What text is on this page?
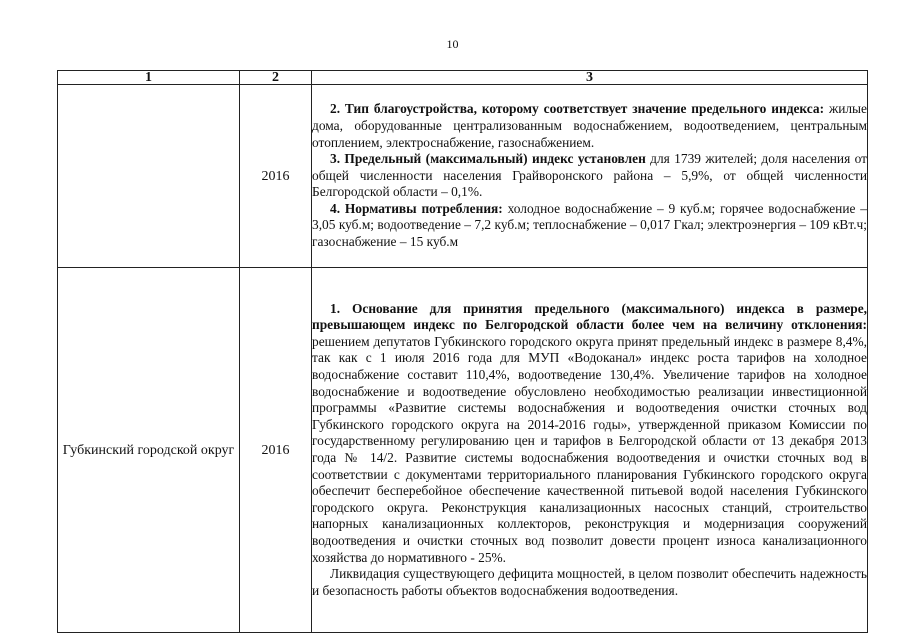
10
1	2	3
	2016	2. Тип благоустройства, которому соответствует значение предельного индекса: жилые дома, оборудованные централизованным водоснабжением, водоотведением, центральным отоплением, электроснабжение, газоснабжением.

3. Предельный (максимальный) индекс установлен для 1739 жителей; доля населения от общей численности населения Грайворонского района – 5,9%, от общей численности Белгородской области – 0,1%.

4. Нормативы потребления: холодное водоснабжение – 9 куб.м; горячее водоснабжение – 3,05 куб.м; водоотведение – 7,2 куб.м; теплоснабжение – 0,017 Гкал; электроэнергия – 109 кВт.ч; газоснабжение – 15 куб.м

Губкинский городской округ	2016	1. Основание для принятия предельного (максимального) индекса в размере, превышающем индекс по Белгородской области более чем на величину отклонения: решением депутатов Губкинского городского округа принят предельный индекс в размере 8,4%, так как с 1 июля 2016 года для МУП «Водоканал» индекс роста тарифов на холодное водоснабжение составит 110,4%, водоотведение 130,4%. Увеличение тарифов на холодное водоснабжение и водоотведение обусловлено необходимостью реализации инвестиционной программы «Развитие системы водоснабжения и водоотведения очистки сточных вод Губкинского городского округа на 2014-2016 годы», утвержденной приказом Комиссии по государственному регулированию цен и тарифов в Белгородской области от 13 декабря 2013 года № 14/2. Развитие системы водоснабжения водоотведения и очистки сточных вод в соответствии с документами территориального планирования Губкинского городского округа обеспечит бесперебойное обеспечение качественной питьевой водой населения Губкинского городского округа. Реконструкция канализационных насосных станций, строительство напорных канализационных коллекторов, реконструкция и модернизация сооружений водоотведения и очистки сточных вод позволит довести процент износа канализационного хозяйства до нормативного - 25%.

Ликвидация существующего дефицита мощностей, в целом позволит обеспечить надежность и безопасность работы объектов водоснабжения водоотведения.
